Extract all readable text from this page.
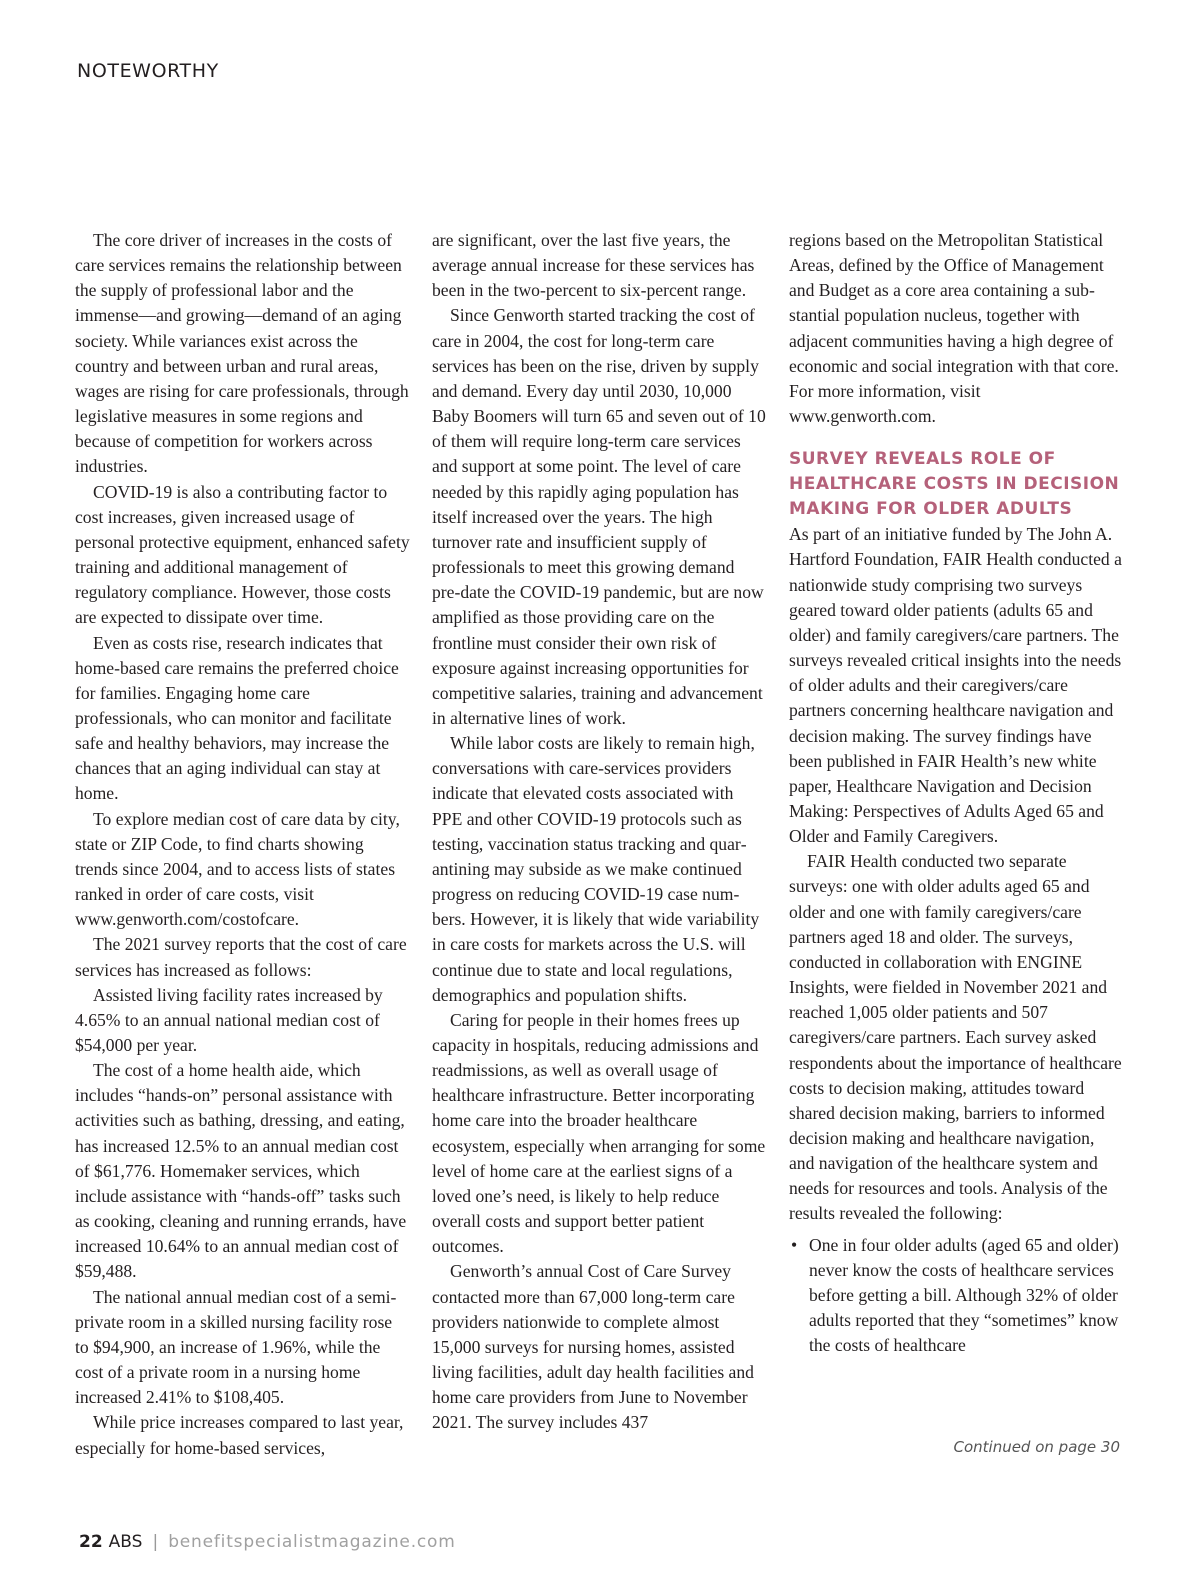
NOTEWORTHY

The core driver of increases in the costs of care services remains the relationship between the supply of professional labor and the immense—and growing—demand of an aging society. While variances exist across the country and between urban and rural areas, wages are rising for care professionals, through legislative measures in some regions and because of competition for workers across industries.

COVID-19 is also a contributing factor to cost increases, given increased usage of personal protective equipment, enhanced safety training and additional management of regulatory compliance. However, those costs are expected to dissipate over time.

Even as costs rise, research indicates that home-based care remains the preferred choice for families. Engaging home care professionals, who can monitor and facilitate safe and healthy behaviors, may increase the chances that an aging individual can stay at home.

To explore median cost of care data by city, state or ZIP Code, to find charts showing trends since 2004, and to access lists of states ranked in order of care costs, visit www.genworth.com/costofcare.

The 2021 survey reports that the cost of care services has increased as follows:

Assisted living facility rates increased by 4.65% to an annual national median cost of $54,000 per year.

The cost of a home health aide, which includes “hands-on” personal assistance with activities such as bathing, dressing, and eating, has increased 12.5% to an annual median cost of $61,776. Homemaker services, which include assistance with “hands-off” tasks such as cooking, cleaning and running errands, have increased 10.64% to an annual median cost of $59,488.

The national annual median cost of a semi-private room in a skilled nursing facility rose to $94,900, an increase of 1.96%, while the cost of a private room in a nursing home increased 2.41% to $108,405.

While price increases compared to last year, especially for home-based services,

are significant, over the last five years, the average annual increase for these services has been in the two-percent to six-percent range.

Since Genworth started tracking the cost of care in 2004, the cost for long-term care services has been on the rise, driven by supply and demand. Every day until 2030, 10,000 Baby Boomers will turn 65 and seven out of 10 of them will require long-term care services and support at some point. The level of care needed by this rapidly aging population has itself increased over the years. The high turnover rate and insufficient supply of professionals to meet this growing demand pre-date the COVID-19 pandemic, but are now amplified as those providing care on the frontline must consider their own risk of exposure against increasing opportunities for competitive salaries, training and advancement in alternative lines of work.

While labor costs are likely to remain high, conversations with care-services providers indicate that elevated costs associated with PPE and other COVID-19 protocols such as testing, vaccination status tracking and quarantining may subside as we make continued progress on reducing COVID-19 case numbers. However, it is likely that wide variability in care costs for markets across the U.S. will continue due to state and local regulations, demographics and population shifts.

Caring for people in their homes frees up capacity in hospitals, reducing admissions and readmissions, as well as overall usage of healthcare infrastructure. Better incorporating home care into the broader healthcare ecosystem, especially when arranging for some level of home care at the earliest signs of a loved one’s need, is likely to help reduce overall costs and support better patient outcomes.

Genworth’s annual Cost of Care Survey contacted more than 67,000 long-term care providers nationwide to complete almost 15,000 surveys for nursing homes, assisted living facilities, adult day health facilities and home care providers from June to November 2021. The survey includes 437

regions based on the Metropolitan Statistical Areas, defined by the Office of Management and Budget as a core area containing a substantial population nucleus, together with adjacent communities having a high degree of economic and social integration with that core. For more information, visit www.genworth.com.

SURVEY REVEALS ROLE OF HEALTHCARE COSTS IN DECISION MAKING FOR OLDER ADULTS

As part of an initiative funded by The John A. Hartford Foundation, FAIR Health conducted a nationwide study comprising two surveys geared toward older patients (adults 65 and older) and family caregivers/care partners. The surveys revealed critical insights into the needs of older adults and their caregivers/care partners concerning healthcare navigation and decision making. The survey findings have been published in FAIR Health’s new white paper, Healthcare Navigation and Decision Making: Perspectives of Adults Aged 65 and Older and Family Caregivers.

FAIR Health conducted two separate surveys: one with older adults aged 65 and older and one with family caregivers/care partners aged 18 and older. The surveys, conducted in collaboration with ENGINE Insights, were fielded in November 2021 and reached 1,005 older patients and 507 caregivers/care partners. Each survey asked respondents about the importance of healthcare costs to decision making, attitudes toward shared decision making, barriers to informed decision making and healthcare navigation, and navigation of the healthcare system and needs for resources and tools. Analysis of the results revealed the following:

• One in four older adults (aged 65 and older) never know the costs of healthcare services before getting a bill. Although 32% of older adults reported that they “sometimes” know the costs of healthcare
Continued on page 30
22 ABS | benefitspecialistmagazine.com
